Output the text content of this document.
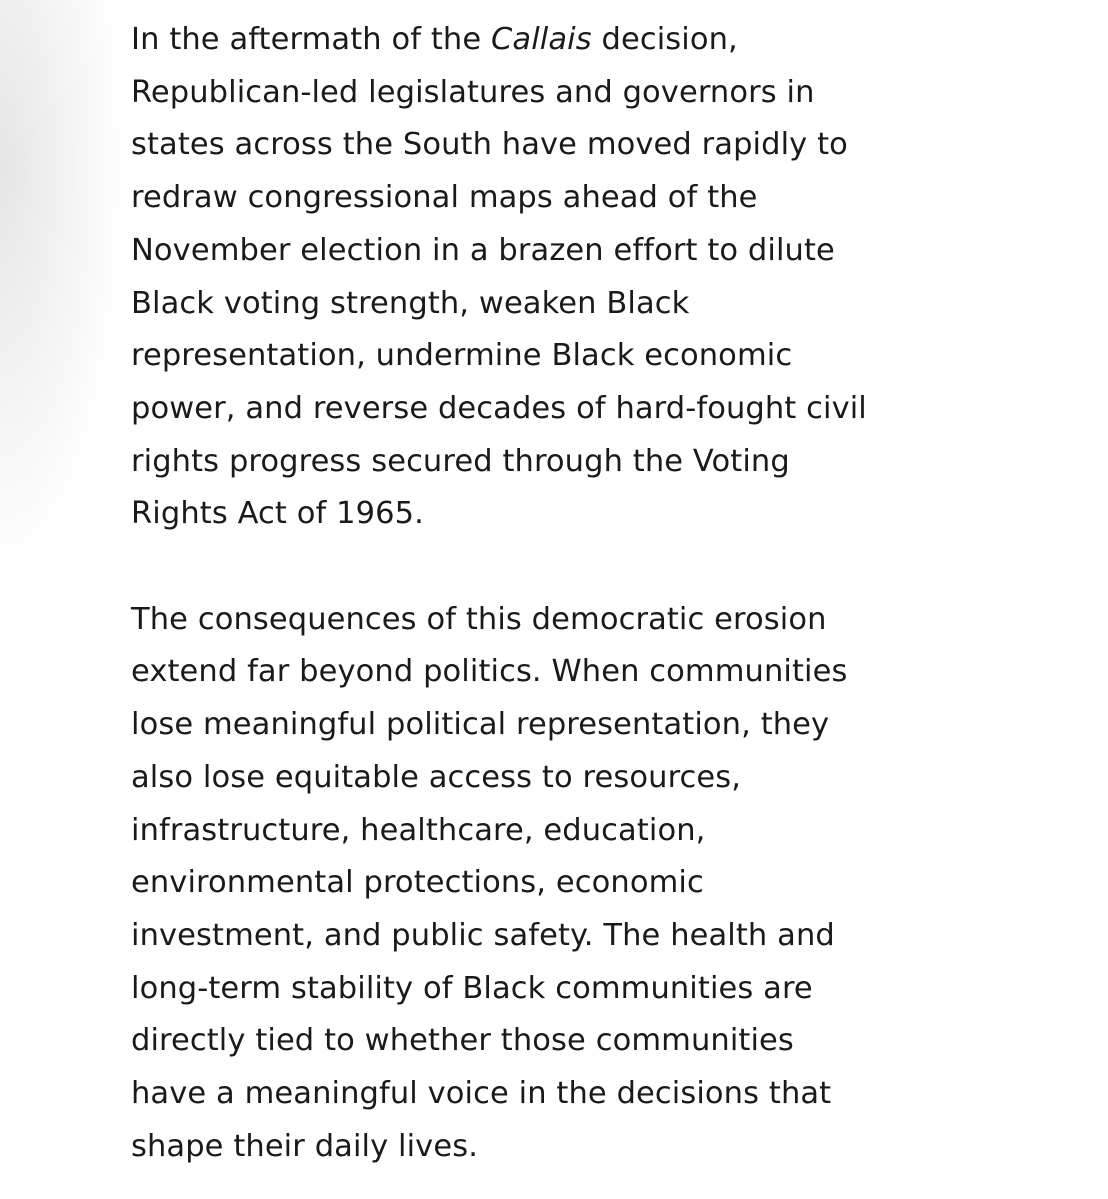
In the aftermath of the Callais decision,
Republican-led legislatures and governors in
states across the South have moved rapidly to
redraw congressional maps ahead of the
November election in a brazen effort to dilute
Black voting strength, weaken Black
representation, undermine Black economic
power, and reverse decades of hard-fought civil
rights progress secured through the Voting
Rights Act of 1965.

The consequences of this democratic erosion
extend far beyond politics. When communities
lose meaningful political representation, they
also lose equitable access to resources,
infrastructure, healthcare, education,
environmental protections, economic
investment, and public safety. The health and
long-term stability of Black communities are
directly tied to whether those communities
have a meaningful voice in the decisions that
shape their daily lives.
